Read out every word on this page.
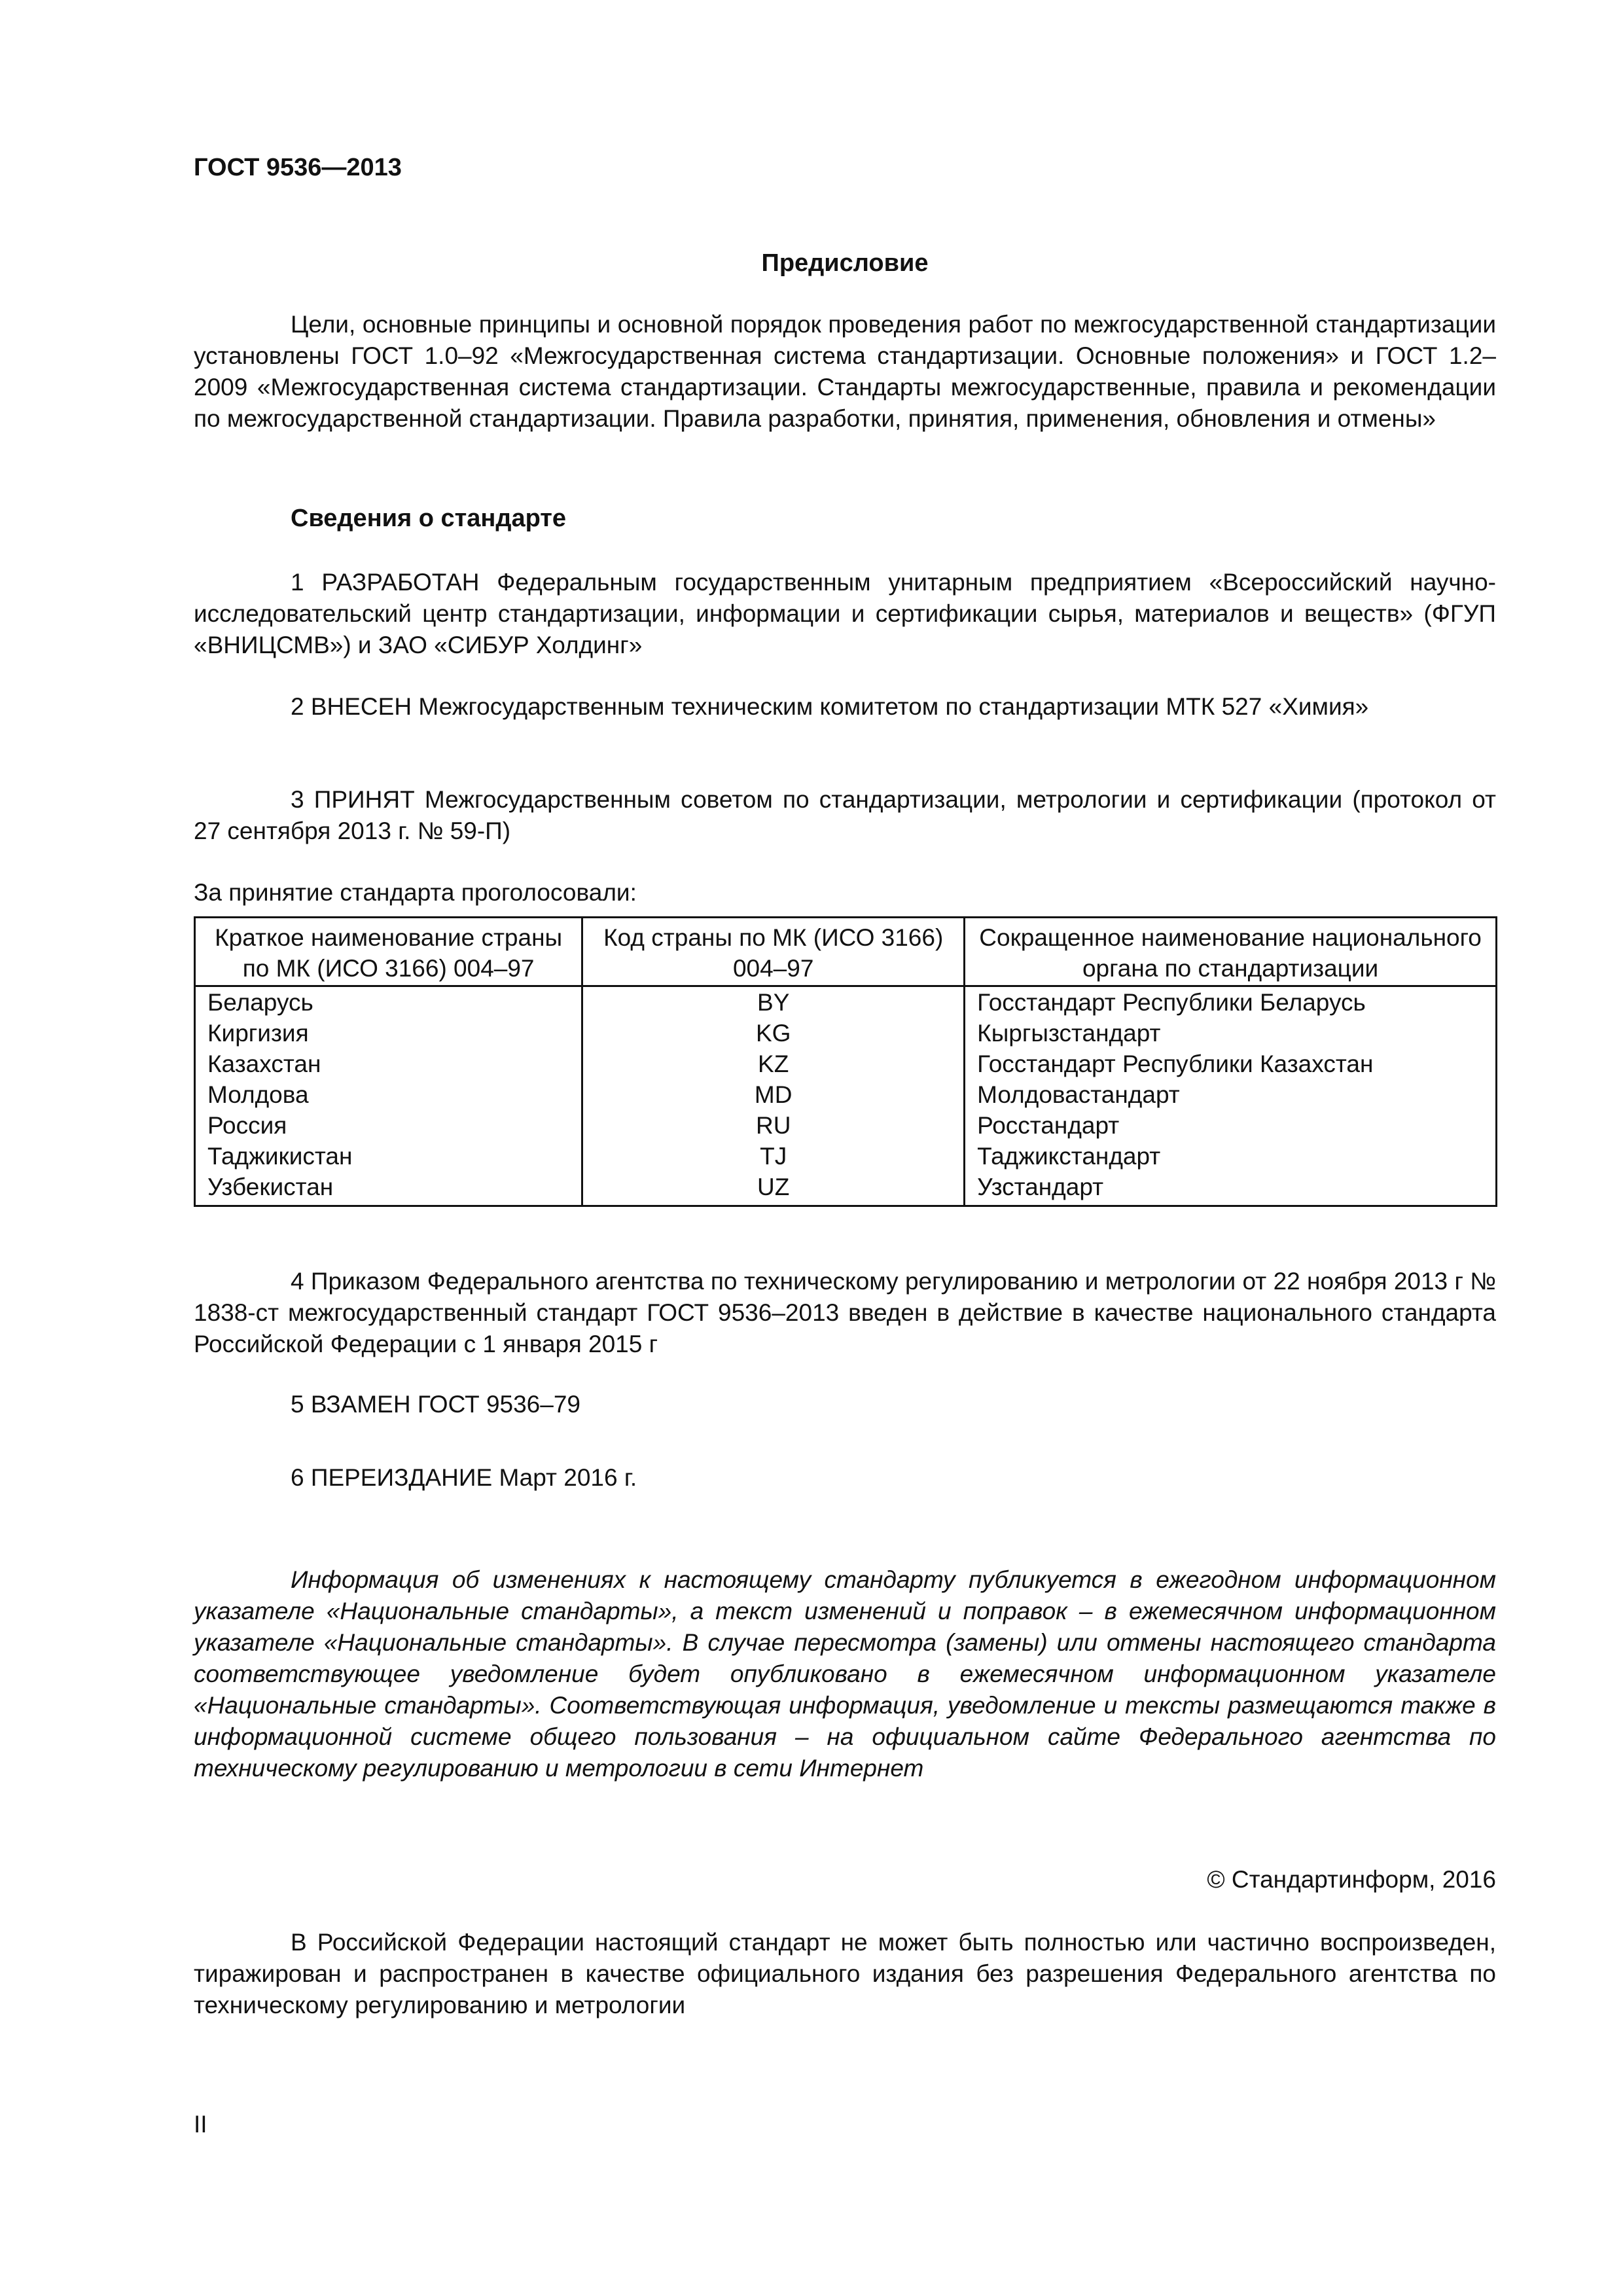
ГОСТ 9536—2013
Предисловие
Цели, основные принципы и основной порядок проведения работ по межгосударственной стандартизации установлены ГОСТ 1.0‒92 «Межгосударственная система стандартизации. Основные положения» и ГОСТ 1.2‒2009 «Межгосударственная система стандартизации. Стандарты межгосударственные, правила и рекомендации по межгосударственной стандартизации. Правила разработки, принятия, применения, обновления и отмены»
Сведения о стандарте
1 РАЗРАБОТАН Федеральным государственным унитарным предприятием «Всероссийский научно-исследовательский центр стандартизации, информации и сертификации сырья, материалов и веществ» (ФГУП «ВНИЦСМВ») и ЗАО «СИБУР Холдинг»
2 ВНЕСЕН Межгосударственным техническим комитетом по стандартизации МТК 527 «Химия»
3 ПРИНЯТ Межгосударственным советом по стандартизации, метрологии и сертификации (протокол от 27 сентября 2013 г. № 59-П)
За принятие стандарта проголосовали:
Краткое наименование страны по МК (ИСО 3166) 004‒97	Код страны по МК (ИСО 3166) 004‒97	Сокращенное наименование национального органа по стандартизации
Беларусь	BY	Госстандарт Республики Беларусь
Киргизия	KG	Кыргызстандарт
Казахстан	KZ	Госстандарт Республики Казахстан
Молдова	MD	Молдовастандарт
Россия	RU	Росстандарт
Таджикистан	TJ	Таджикстандарт
Узбекистан	UZ	Узстандарт
4 Приказом Федерального агентства по техническому регулированию и метрологии от 22 ноября 2013 г № 1838-ст межгосударственный стандарт ГОСТ 9536–2013 введен в действие в качестве национального стандарта Российской Федерации с 1 января 2015 г
5 ВЗАМЕН ГОСТ 9536–79
6 ПЕРЕИЗДАНИЕ Март 2016 г.
Информация об изменениях к настоящему стандарту публикуется в ежегодном информационном указателе «Национальные стандарты», а текст изменений и поправок – в ежемесячном информационном указателе «Национальные стандарты». В случае пересмотра (замены) или отмены настоящего стандарта соответствующее уведомление будет опубликовано в ежемесячном информационном указателе «Национальные стандарты». Соответствующая информация, уведомление и тексты размещаются также в информационной системе общего пользования – на официальном сайте Федерального агентства по техническому регулированию и метрологии в сети Интернет
© Стандартинформ, 2016
В Российской Федерации настоящий стандарт не может быть полностью или частично воспроизведен, тиражирован и распространен в качестве официального издания без разрешения Федерального агентства по техническому регулированию и метрологии
II
